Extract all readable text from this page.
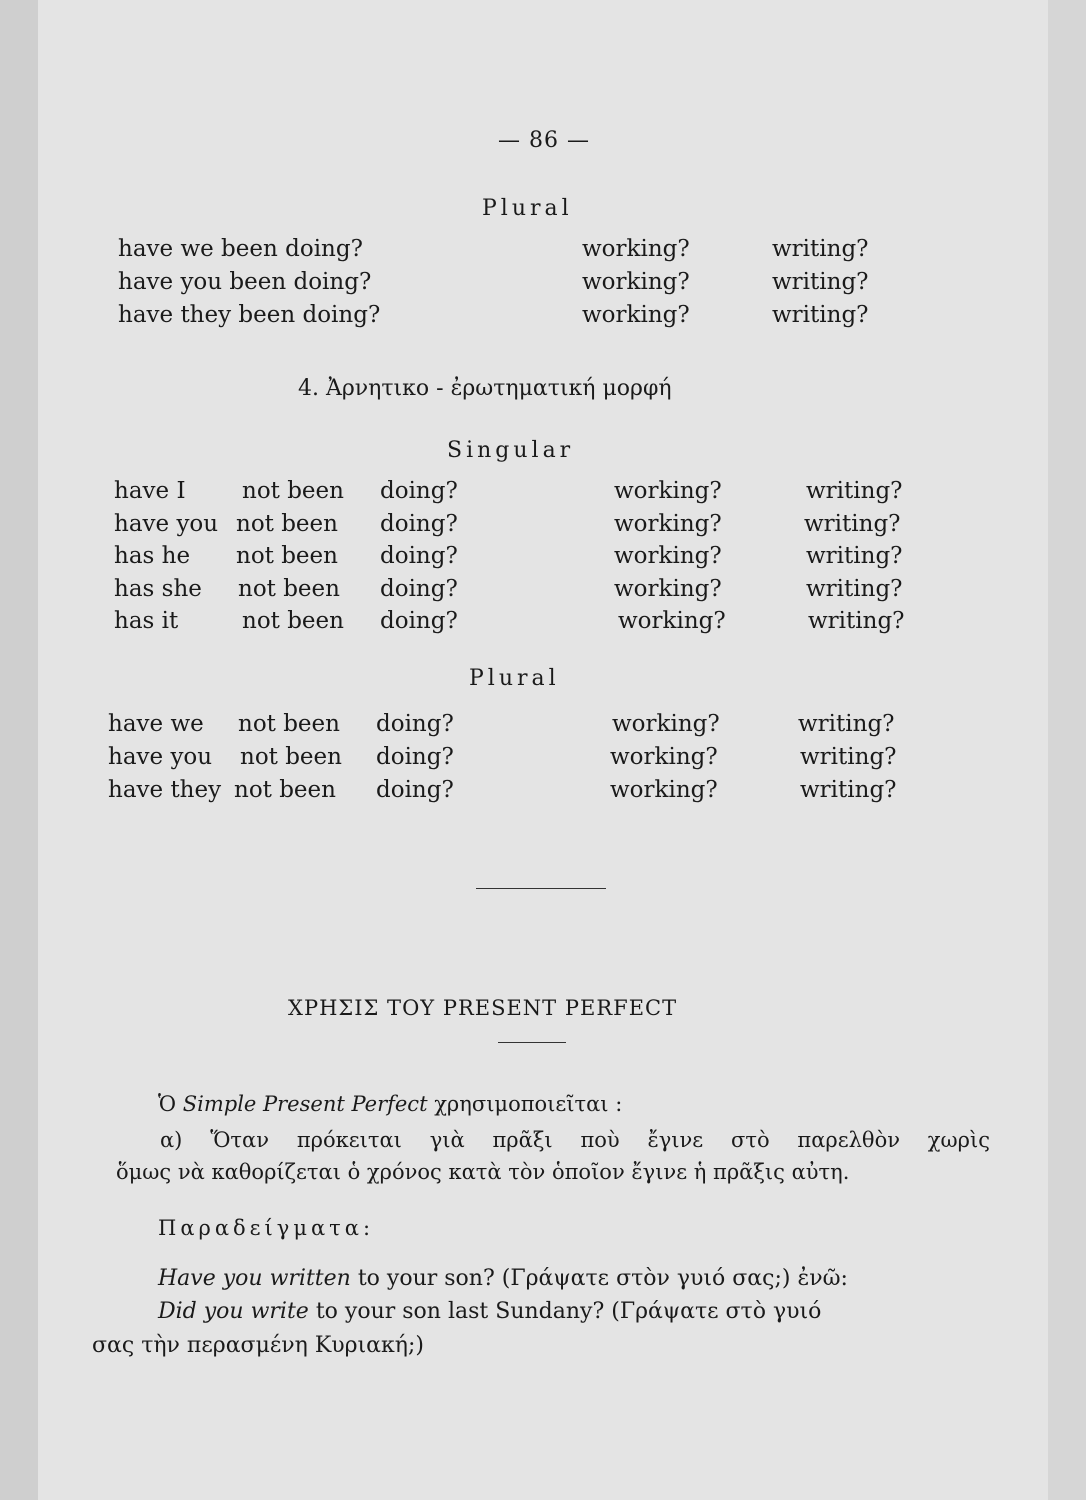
— 86 —
Plural
have we been doing?	working?	writing?
have you been doing?	working?	writing?
have they been doing?	working?	writing?
4. Ἀρνητικο - ἐρωτηματική μορφή
Singular
have I not been doing?	working?	writing?
have you not been doing?	working?	writing?
has he not been doing?	working?	writing?
has she not been doing?	working?	writing?
has it	not been doing?	working?	writing?
Plural
have we not been doing?	working?	writing?
have you not been doing?	working?	writing?
have they not been doing?	working?	writing?
ΧΡΗΣΙΣ ΤΟΥ PRESENT PERFECT
Ὁ Simple Present Perfect χρησιμοποιεῖται :
α) Ὅταν πρόκειται γιὰ πρᾶξι ποὺ ἔγινε στὸ παρελθὸν χωρὶς
ὅμως νὰ καθορίζεται ὁ χρόνος κατὰ τὸν ὁποῖον ἔγινε ἡ πρᾶξις αὐτη.
Παραδείγματα:
Have you written to your son? (Γράψατε στὸν γυιό σας;) ἐνῶ:
Did you write to your son last Sundany? (Γράψατε στὸ γυιό
σας τὴν περασμένη Κυριακή;)
